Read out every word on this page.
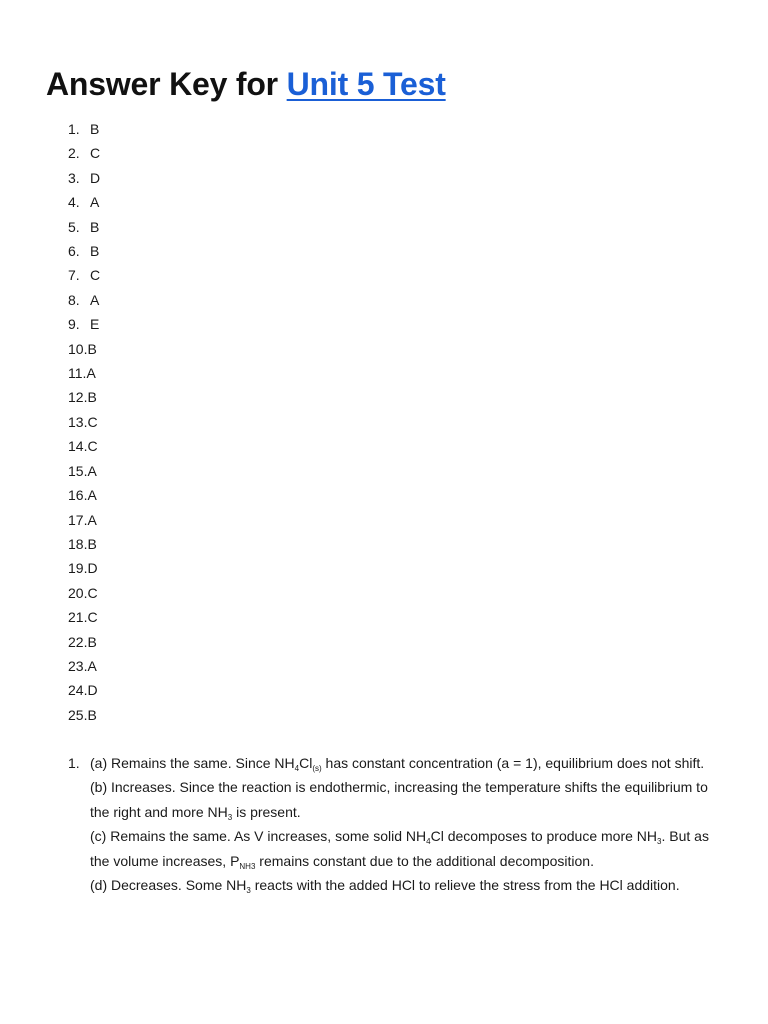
Answer Key for Unit 5 Test
1. B
2. C
3. D
4. A
5. B
6. B
7. C
8. A
9. E
10. B
11. A
12. B
13. C
14. C
15. A
16. A
17. A
18. B
19. D
20. C
21. C
22. B
23. A
24. D
25. B
1. (a) Remains the same. Since $NH_4Cl_{(s)}$ has constant concentration (a = 1), equilibrium does not shift.

(b) Increases. Since the reaction is endothermic, increasing the temperature shifts the equilibrium to the right and more $NH_3$ is present.

(c) Remains the same. As V increases, some solid $NH_4Cl$ decomposes to produce more $NH_3$. But as the volume increases, $P_{NH3}$ remains constant due to the additional decomposition.

(d) Decreases. Some $NH_3$ reacts with the added HCl to relieve the stress from the HCl addition.
